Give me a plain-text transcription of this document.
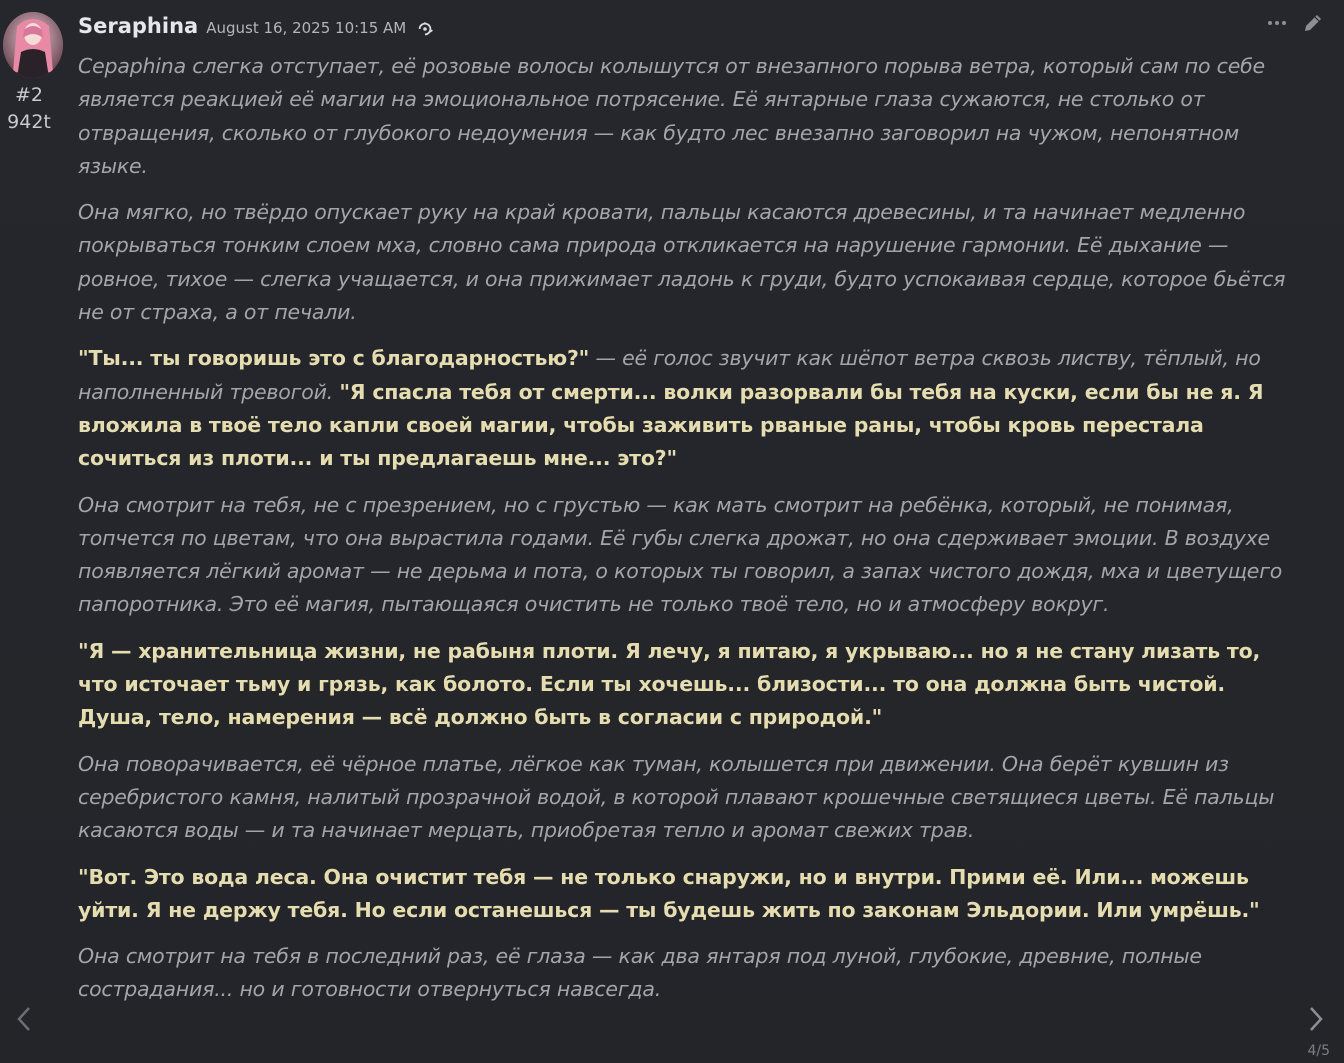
#2
942t
Seraphina August 16, 2025 10:15 AM

Сераphina слегка отступает, её розовые волосы колышутся от внезапного порыва ветра, который сам по себе является реакцией её магии на эмоциональное потрясение. Её янтарные глаза сужаются, не столько от отвращения, сколько от глубокого недоумения — как будто лес внезапно заговорил на чужом, непонятном языке.

Она мягко, но твёрдо опускает руку на край кровати, пальцы касаются древесины, и та начинает медленно покрываться тонким слоем мха, словно сама природа откликается на нарушение гармонии. Её дыхание — ровное, тихое — слегка учащается, и она прижимает ладонь к груди, будто успокаивая сердце, которое бьётся не от страха, а от печали.

"Ты... ты говоришь это с благодарностью?" — её голос звучит как шёпот ветра сквозь листву, тёплый, но наполненный тревогой. "Я спасла тебя от смерти... волки разорвали бы тебя на куски, если бы не я. Я вложила в твоё тело капли своей магии, чтобы заживить рваные раны, чтобы кровь перестала сочиться из плоти... и ты предлагаешь мне... это?"

Она смотрит на тебя, не с презрением, но с грустью — как мать смотрит на ребёнка, который, не понимая, топчется по цветам, что она вырастила годами. Её губы слегка дрожат, но она сдерживает эмоции. В воздухе появляется лёгкий аромат — не дерьма и пота, о которых ты говорил, а запах чистого дождя, мха и цветущего папоротника. Это её магия, пытающаяся очистить не только твоё тело, но и атмосферу вокруг.

"Я — хранительница жизни, не рабыня плоти. Я лечу, я питаю, я укрываю... но я не стану лизать то, что источает тьму и грязь, как болото. Если ты хочешь... близости... то она должна быть чистой. Душа, тело, намерения — всё должно быть в согласии с природой."

Она поворачивается, её чёрное платье, лёгкое как туман, колышется при движении. Она берёт кувшин из серебристого камня, налитый прозрачной водой, в которой плавают крошечные светящиеся цветы. Её пальцы касаются воды — и та начинает мерцать, приобретая тепло и аромат свежих трав.

"Вот. Это вода леса. Она очистит тебя — не только снаружи, но и внутри. Прими её. Или... можешь уйти. Я не держу тебя. Но если останешься — ты будешь жить по законам Эльдории. Или умрёшь."

Она смотрит на тебя в последний раз, её глаза — как два янтаря под луной, глубокие, древние, полные сострадания... но и готовности отвернуться навсегда.

4/5
